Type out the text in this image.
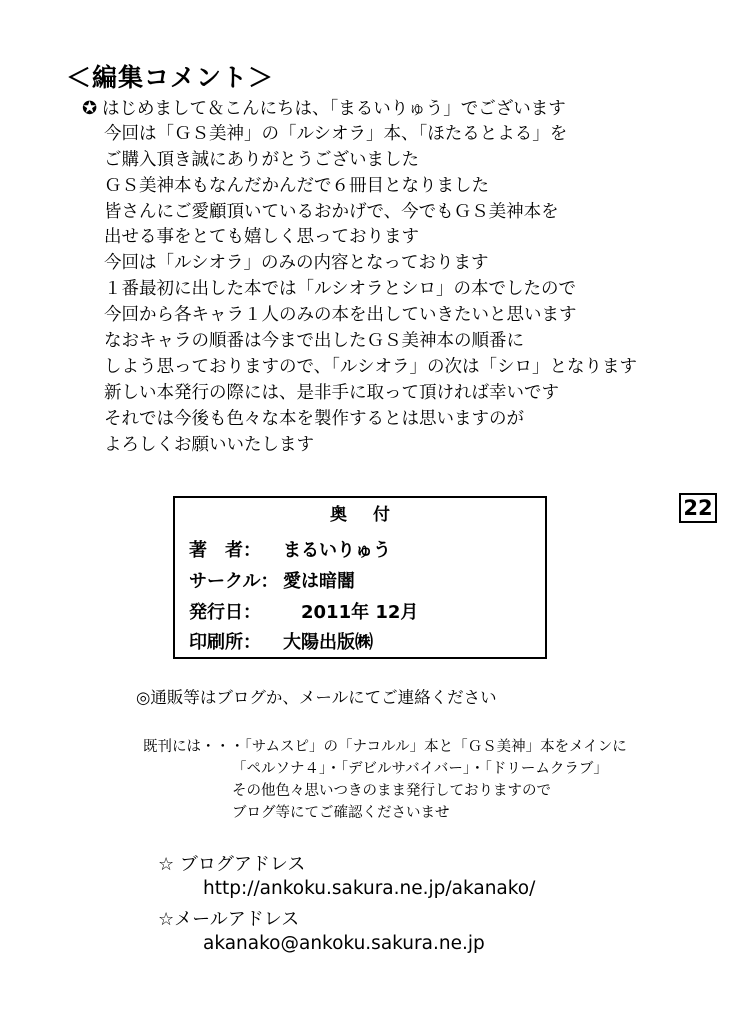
＜編集コメント＞
✪ はじめまして＆こんにちは、「まるいりゅう」でございます
今回は「ＧＳ美神」の「ルシオラ」本、「ほたるとよる」を
ご購入頂き誠にありがとうございました
ＧＳ美神本もなんだかんだで６冊目となりました
皆さんにご愛顧頂いているおかげで、今でもＧＳ美神本を
出せる事をとても嬉しく思っております
今回は「ルシオラ」のみの内容となっております
１番最初に出した本では「ルシオラとシロ」の本でしたので
今回から各キャラ１人のみの本を出していきたいと思います
なおキャラの順番は今まで出したＧＳ美神本の順番に
しよう思っておりますので、「ルシオラ」の次は「シロ」となります
新しい本発行の際には、是非手に取って頂ければ幸いです
それでは今後も色々な本を製作するとは思いますのが
よろしくお願いいたします
22
奥付
著　者： まるいりゅう
サークル： 愛は暗闇
発行日：　2011年 12月
印刷所： 大陽出版㈱
◎通販等はブログか、メールにてご連絡ください
既刊には・・・「サムスピ」の「ナコルル」本と「ＧＳ美神」本をメインに
「ペルソナ４」・「デビルサバイバー」・「ドリームクラブ」
その他色々思いつきのまま発行しておりますので
ブログ等にてご確認くださいませ
☆ ブログアドレス
http://ankoku.sakura.ne.jp/akanako/
☆メールアドレス
akanako@ankoku.sakura.ne.jp
